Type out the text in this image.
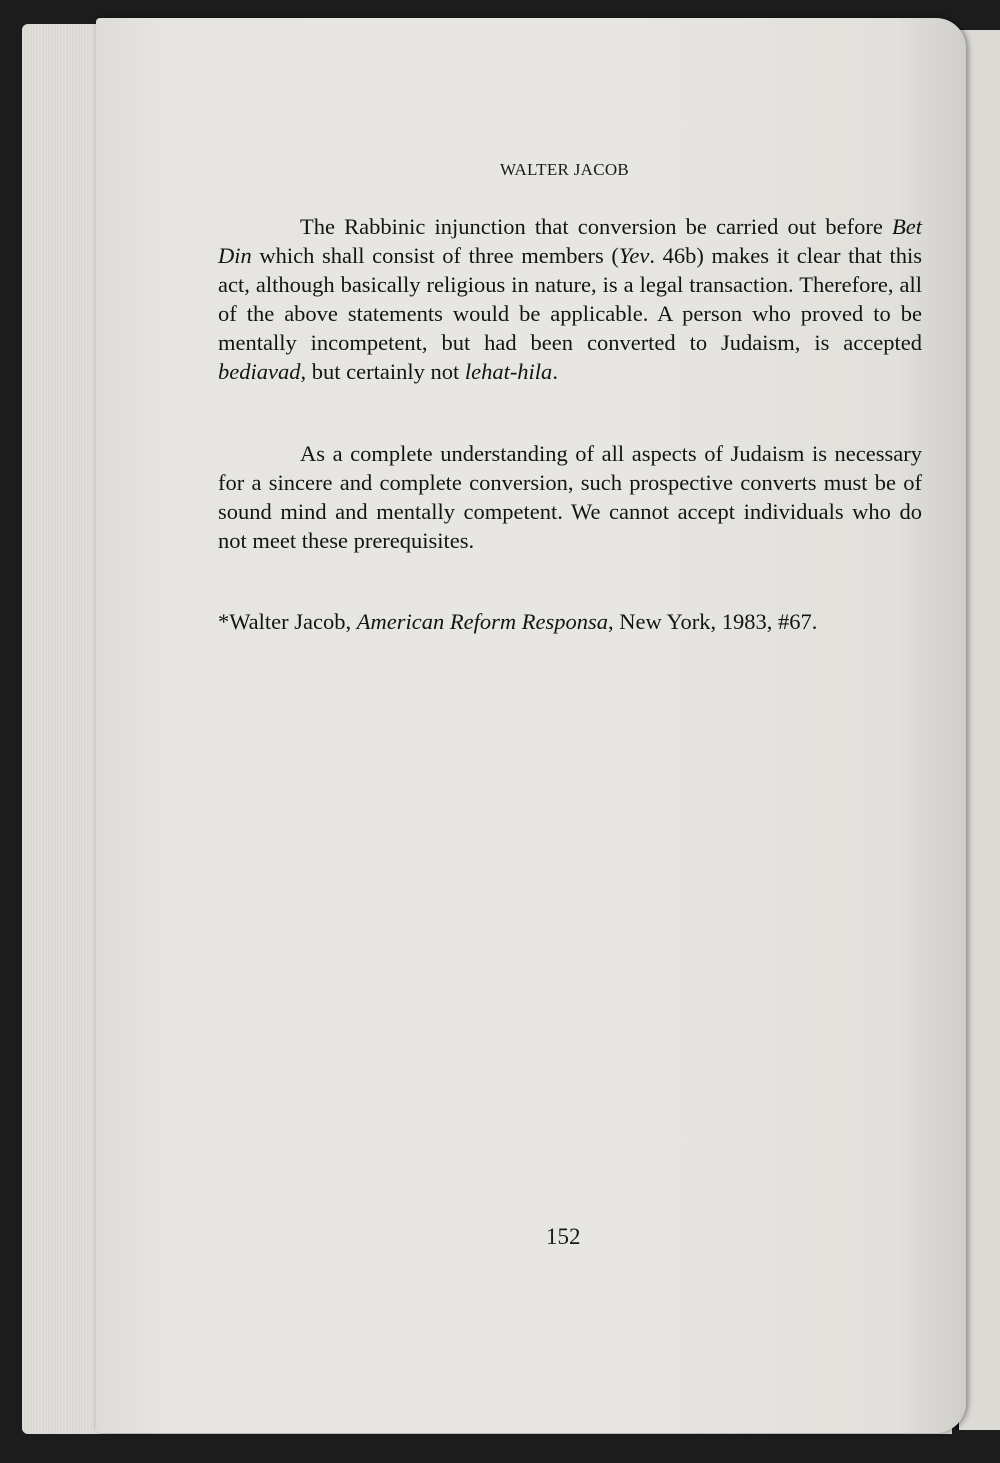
WALTER JACOB

The Rabbinic injunction that conversion be carried out before Bet Din which shall consist of three members (Yev. 46b) makes it clear that this act, although basically religious in nature, is a legal transaction. Therefore, all of the above statements would be applicable. A person who proved to be mentally incompetent, but had been converted to Judaism, is accepted bediavad, but certainly not lehat-hila.

As a complete understanding of all aspects of Judaism is necessary for a sincere and complete conversion, such prospective converts must be of sound mind and mentally competent. We cannot accept individuals who do not meet these prerequisites.

*Walter Jacob, American Reform Responsa, New York, 1983, #67.

152
